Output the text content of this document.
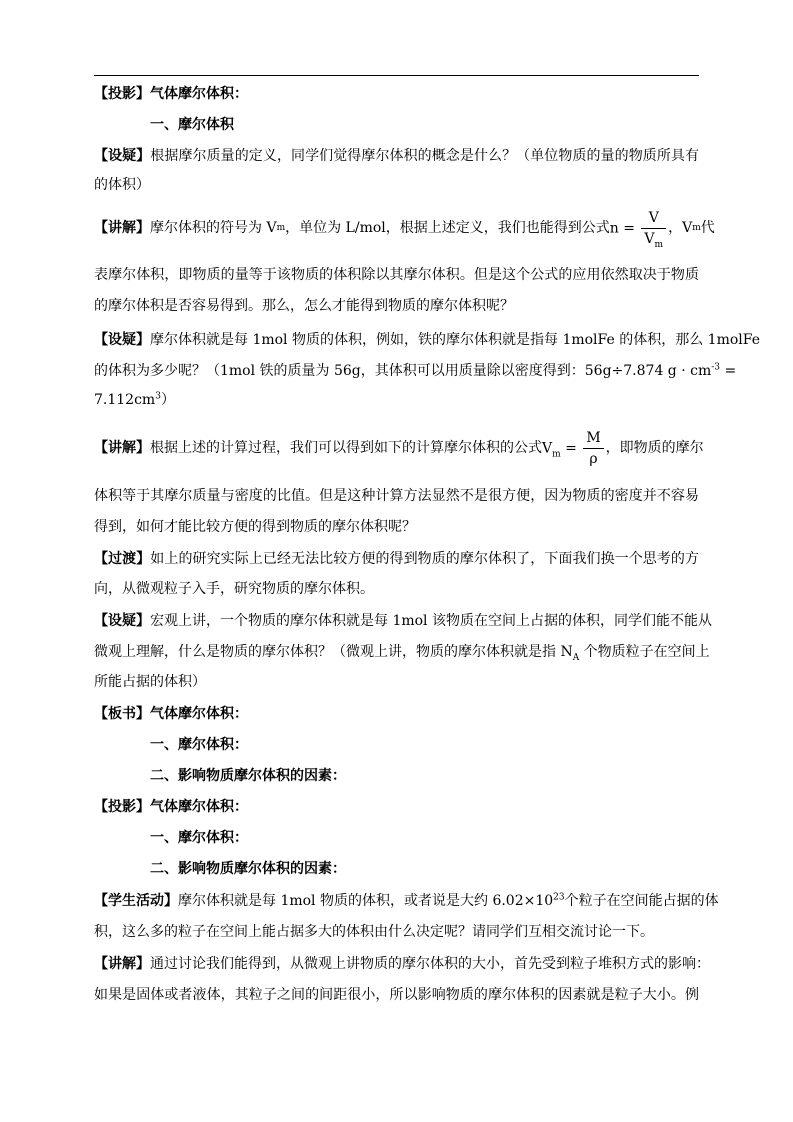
【投影】气体摩尔体积：
一、摩尔体积
【设疑】根据摩尔质量的定义，同学们觉得摩尔体积的概念是什么？（单位物质的量的物质所具有
的体积）
【讲解】 摩尔体积的符号为 V m ，单位为 L/mol，根据上述定义，我们也能得到公式 $n = \frac{V}{V_m}$ ，V m 代
表摩尔体积，即物质的量等于该物质的体积除以其摩尔体积。但是这个公式的应用依然取决于物质
的摩尔体积是否容易得到。那么，怎么才能得到物质的摩尔体积呢？
【设疑】摩尔体积就是每 1mol 物质的体积，例如，铁的摩尔体积就是指每 1molFe 的体积，那么 1molFe
的体积为多少呢？（1mol 铁的质量为 56g，其体积可以用质量除以密度得到：56g÷7.874 $g \cdot cm^{-3}$ =
$7.112cm^3$）
【讲解】 根据上述的计算过程，我们可以得到如下的计算摩尔体积的公式 $V_m = \frac{M}{\rho}$ ，即物质的摩尔
体积等于其摩尔质量与密度的比值。但是这种计算方法显然不是很方便，因为物质的密度并不容易
得到，如何才能比较方便的得到物质的摩尔体积呢？
【过渡】如上的研究实际上已经无法比较方便的得到物质的摩尔体积了，下面我们换一个思考的方
向，从微观粒子入手，研究物质的摩尔体积。
【设疑】宏观上讲，一个物质的摩尔体积就是每 1mol 该物质在空间上占据的体积，同学们能不能从
微观上理解，什么是物质的摩尔体积？（微观上讲，物质的摩尔体积就是指 $N_A$ 个物质粒子在空间上
所能占据的体积）
【板书】气体摩尔体积：
一、摩尔体积：
二、影响物质摩尔体积的因素：
【投影】气体摩尔体积：
一、摩尔体积：
二、影响物质摩尔体积的因素：
【学生活动】摩尔体积就是每 1mol 物质的体积，或者说是大约 $6.02\times 10^{23}$个粒子在空间能占据的体
积，这么多的粒子在空间上能占据多大的体积由什么决定呢？请同学们互相交流讨论一下。
【讲解】通过讨论我们能得到，从微观上讲物质的摩尔体积的大小，首先受到粒子堆积方式的影响：
如果是固体或者液体，其粒子之间的间距很小，所以影响物质的摩尔体积的因素就是粒子大小。例
